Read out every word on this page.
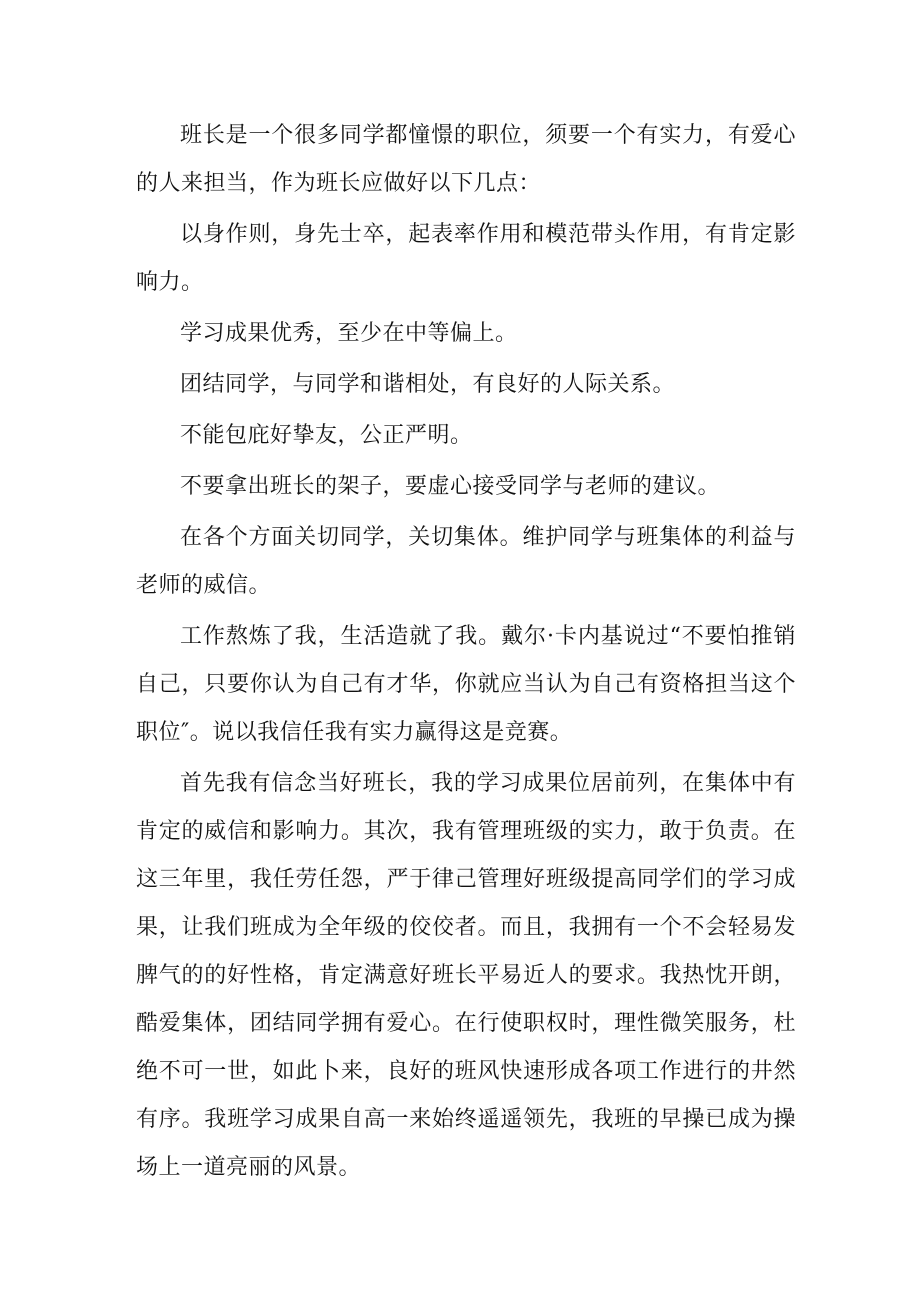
班长是一个很多同学都憧憬的职位，须要一个有实力，有爱心的人来担当，作为班长应做好以下几点：

以身作则，身先士卒，起表率作用和模范带头作用，有肯定影响力。

学习成果优秀，至少在中等偏上。

团结同学，与同学和谐相处，有良好的人际关系。

不能包庇好挚友，公正严明。

不要拿出班长的架子，要虚心接受同学与老师的建议。

在各个方面关切同学，关切集体。维护同学与班集体的利益与老师的威信。

工作熬炼了我，生活造就了我。戴尔·卡内基说过“不要怕推销自己，只要你认为自己有才华，你就应当认为自己有资格担当这个职位″。说以我信任我有实力赢得这是竞赛。

首先我有信念当好班长，我的学习成果位居前列，在集体中有肯定的威信和影响力。其次，我有管理班级的实力，敢于负责。在这三年里，我任劳任怨，严于律己管理好班级提高同学们的学习成果，让我们班成为全年级的佼佼者。而且，我拥有一个不会轻易发脾气的的好性格，肯定满意好班长平易近人的要求。我热忱开朗，酷爱集体，团结同学拥有爱心。在行使职权时，理性微笑服务，杜绝不可一世，如此卜来，良好的班风快速形成各项工作进行的井然有序。我班学习成果自高一来始终遥遥领先，我班的早操已成为操场上一道亮丽的风景。
